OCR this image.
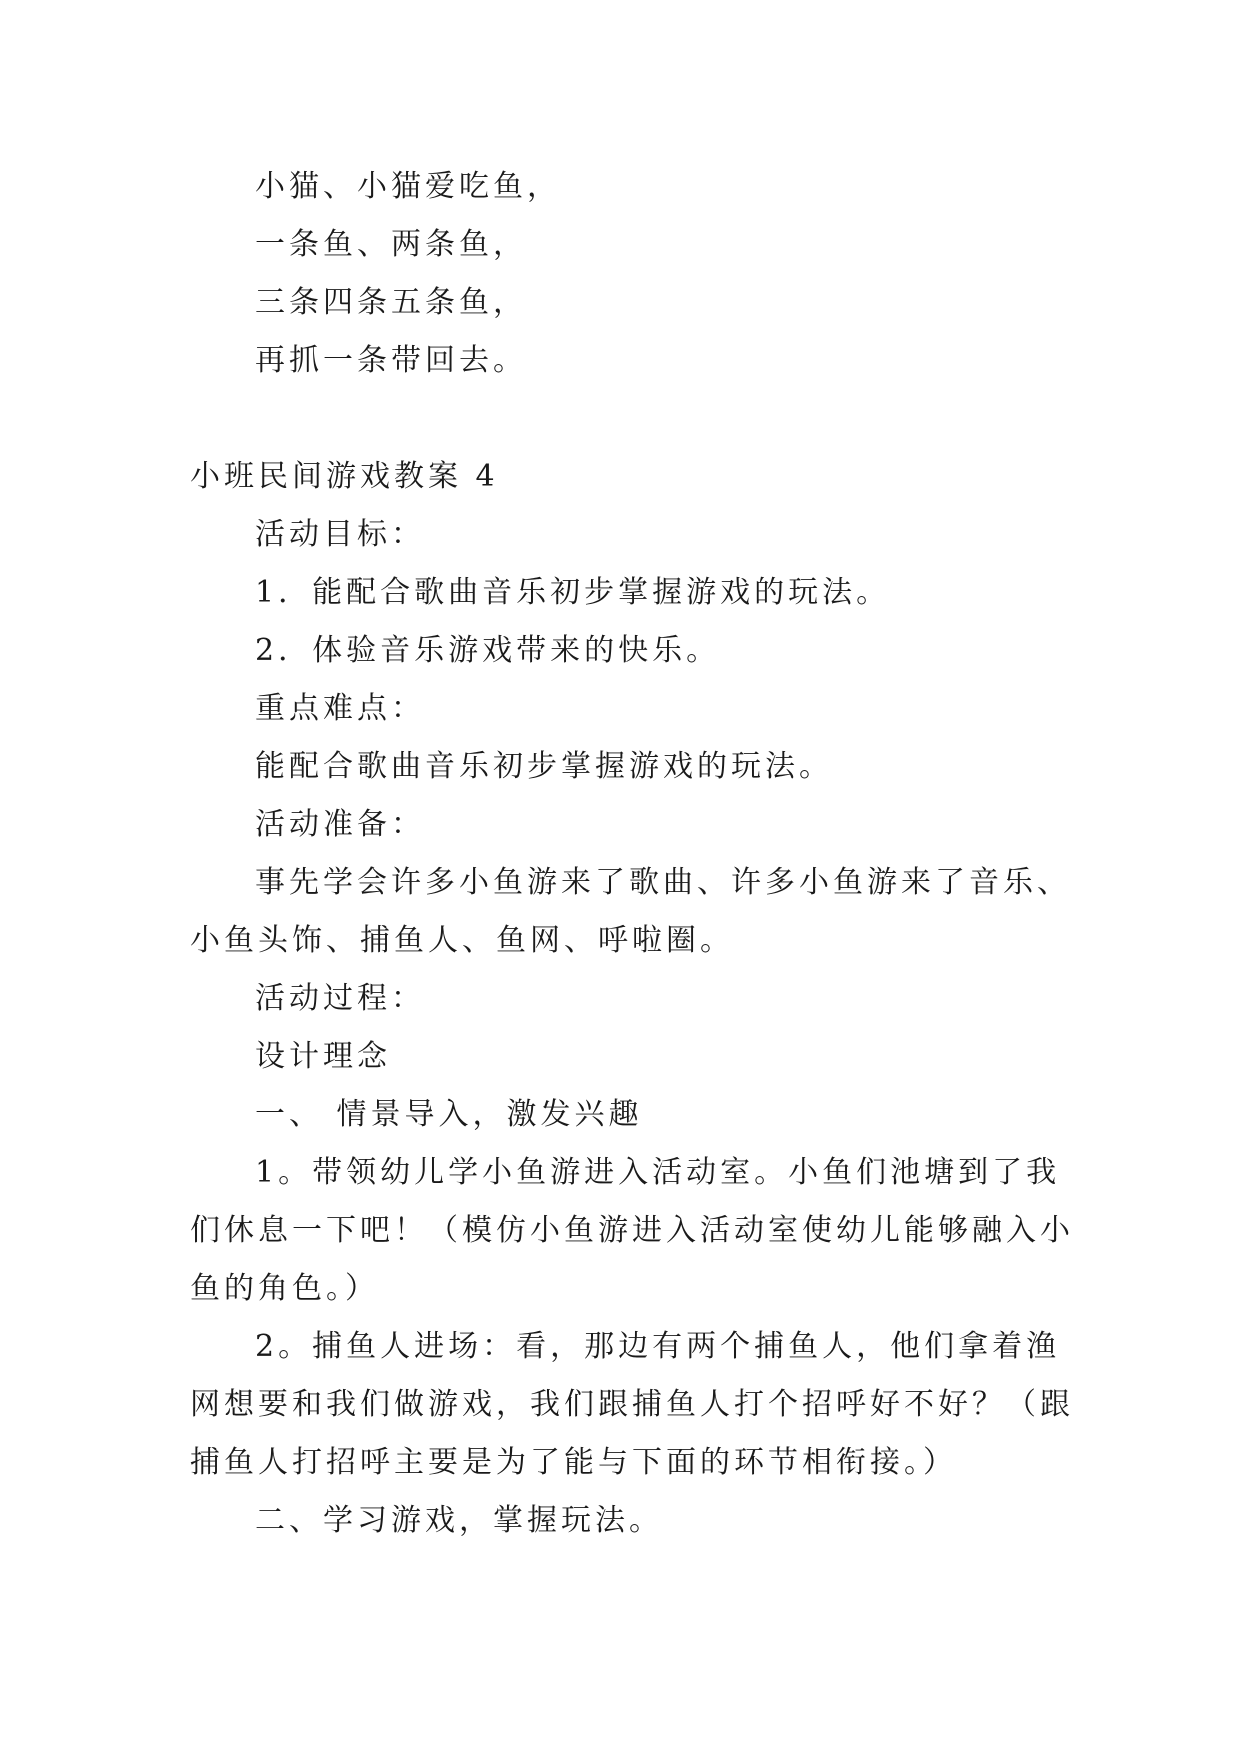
小猫、小猫爱吃鱼，
一条鱼、两条鱼，
三条四条五条鱼，
再抓一条带回去。
小班民间游戏教案 4
活动目标：
1．能配合歌曲音乐初步掌握游戏的玩法。
2．体验音乐游戏带来的快乐。
重点难点：
能配合歌曲音乐初步掌握游戏的玩法。
活动准备：
事先学会许多小鱼游来了歌曲、许多小鱼游来了音乐、
小鱼头饰、捕鱼人、鱼网、呼啦圈。
活动过程：
设计理念
一、 情景导入，激发兴趣
1。带领幼儿学小鱼游进入活动室。小鱼们池塘到了我
们休息一下吧！（模仿小鱼游进入活动室使幼儿能够融入小
鱼的角色。）
2。捕鱼人进场：看，那边有两个捕鱼人，他们拿着渔
网想要和我们做游戏，我们跟捕鱼人打个招呼好不好？（跟
捕鱼人打招呼主要是为了能与下面的环节相衔接。）
二、学习游戏，掌握玩法。
